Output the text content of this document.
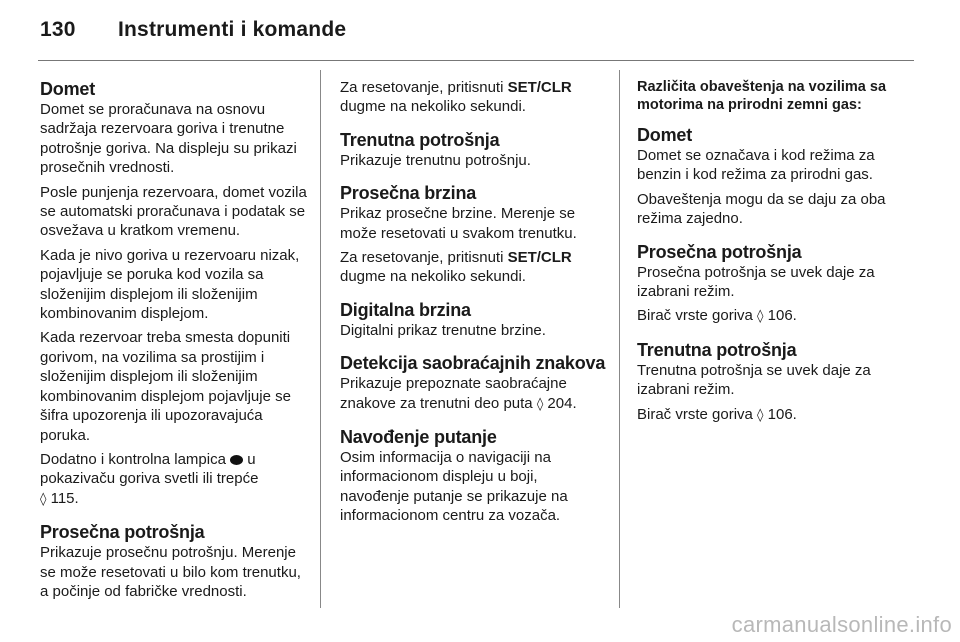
130 Instrumenti i komande
Domet

Domet se proračunava na osnovu sadržaja rezervoara goriva i trenutne potrošnje goriva. Na displeju su prikazi prosečnih vrednosti.

Posle punjenja rezervoara, domet vozila se automatski proračunava i podatak se osvežava u kratkom vremenu.

Kada je nivo goriva u rezervoaru nizak, pojavljuje se poruka kod vozila sa složenijim displejom ili složenijim kombinovanim displejom.

Kada rezervoar treba smesta dopuniti gorivom, na vozilima sa prostijim i složenijim displejom ili složenijim kombinovanim displejom pojavljuje se šifra upozorenja ili upozoravajuća poruka.

Dodatno i kontrolna lampica u pokazivaču goriva svetli ili trepće
◊ 115.

Prosečna potrošnja

Prikazuje prosečnu potrošnju. Merenje se može resetovati u bilo kom trenutku, a počinje od fabričke vrednosti.

Za resetovanje, pritisnuti SET/CLR dugme na nekoliko sekundi.

Trenutna potrošnja

Prikazuje trenutnu potrošnju.

Prosečna brzina

Prikaz prosečne brzine. Merenje se može resetovati u svakom trenutku.

Za resetovanje, pritisnuti SET/CLR dugme na nekoliko sekundi.

Digitalna brzina

Digitalni prikaz trenutne brzine.

Detekcija saobraćajnih znakova

Prikazuje prepoznate saobraćajne znakove za trenutni deo puta ◊ 204.

Navođenje putanje

Osim informacija o navigaciji na informacionom displeju u boji, navođenje putanje se prikazuje na informacionom centru za vozača.

Različita obaveštenja na vozilima sa motorima na prirodni zemni gas:
Domet

Domet se označava i kod režima za benzin i kod režima za prirodni gas.

Obaveštenja mogu da se daju za oba režima zajedno.

Prosečna potrošnja

Prosečna potrošnja se uvek daje za izabrani režim.

Birač vrste goriva ◊ 106.

Trenutna potrošnja

Trenutna potrošnja se uvek daje za izabrani režim.

Birač vrste goriva ◊ 106.

carmanualsonline.info
